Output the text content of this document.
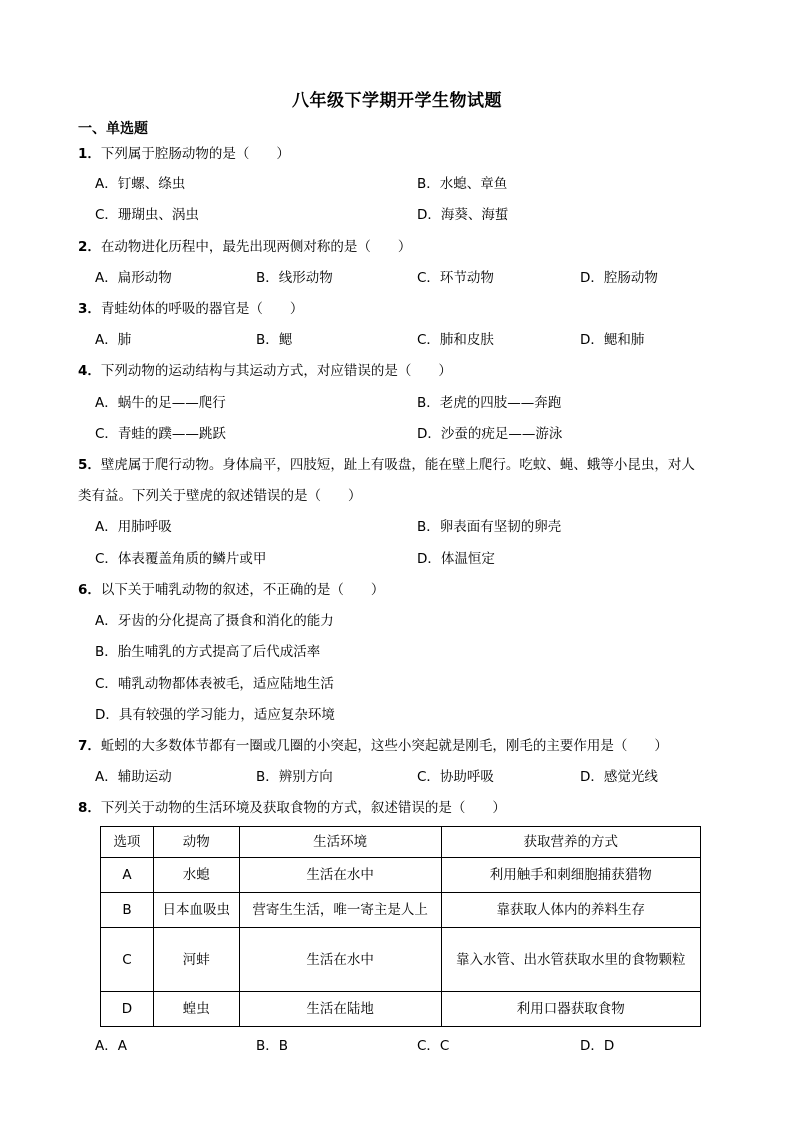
八年级下学期开学生物试题
一、单选题
1．下列属于腔肠动物的是（　　）
A．钉螺、绦虫	B．水螅、章鱼
C．珊瑚虫、涡虫	D．海葵、海蜇
2．在动物进化历程中，最先出现两侧对称的是（　　）
A．扁形动物	B．线形动物	C．环节动物	D．腔肠动物
3．青蛙幼体的呼吸的器官是（　　）
A．肺	B．鳃	C．肺和皮肤	D．鳃和肺
4．下列动物的运动结构与其运动方式，对应错误的是（　　）
A．蜗牛的足——爬行	B．老虎的四肢——奔跑
C．青蛙的蹼——跳跃	D．沙蚕的疣足——游泳
5．壁虎属于爬行动物。身体扁平，四肢短，趾上有吸盘，能在壁上爬行。吃蚊、蝇、蛾等小昆虫，对人
类有益。下列关于壁虎的叙述错误的是（　　）
A．用肺呼吸	B．卵表面有坚韧的卵壳
C．体表覆盖角质的鳞片或甲	D．体温恒定
6．以下关于哺乳动物的叙述，不正确的是（　　）
A．牙齿的分化提高了摄食和消化的能力
B．胎生哺乳的方式提高了后代成活率
C．哺乳动物都体表被毛，适应陆地生活
D．具有较强的学习能力，适应复杂环境
7．蚯蚓的大多数体节都有一圈或几圈的小突起，这些小突起就是刚毛，刚毛的主要作用是（　　）
A．辅助运动	B．辨别方向	C．协助呼吸	D．感觉光线
8．下列关于动物的生活环境及获取食物的方式，叙述错误的是（　　）
选项	动物	生活环境	获取营养的方式
A	水螅	生活在水中	利用触手和刺细胞捕获猎物
B	日本血吸虫	营寄生生活，唯一寄主是人上	靠获取人体内的养料生存
C	河蚌	生活在水中	靠入水管、出水管获取水里的食物颗粒
D	蝗虫	生活在陆地	利用口器获取食物
A．A	B．B	C．C	D．D
